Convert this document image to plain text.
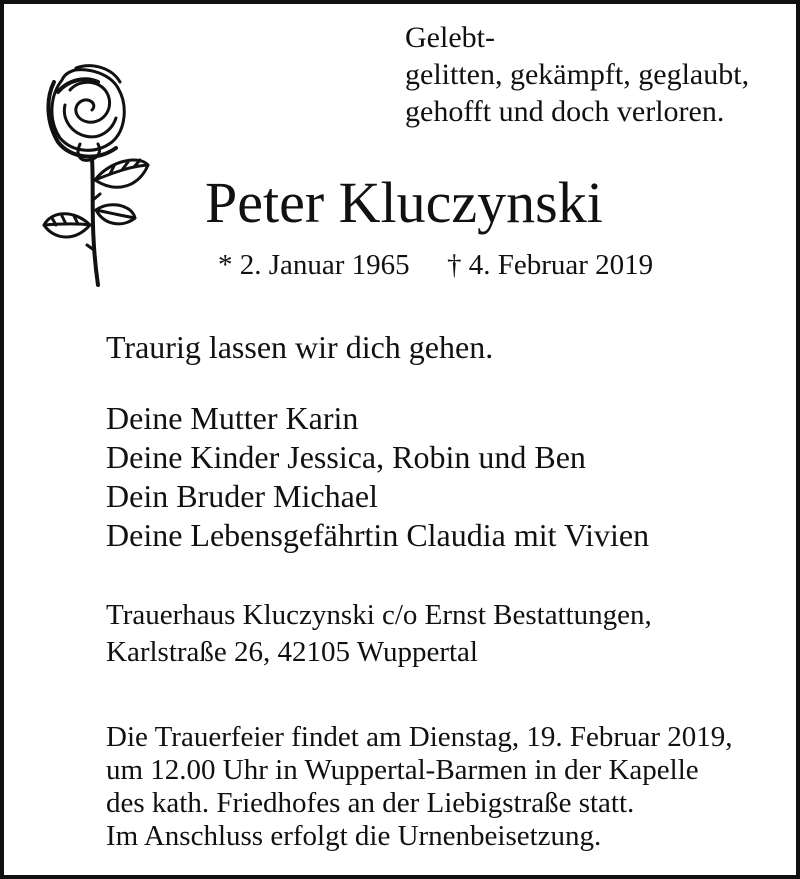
Gelebt-
gelitten, gekämpft, geglaubt,
gehofft und doch verloren.
Peter Kluczynski
* 2. Januar 1965 † 4. Februar 2019
Traurig lassen wir dich gehen.
Deine Mutter Karin
Deine Kinder Jessica, Robin und Ben
Dein Bruder Michael
Deine Lebensgefährtin Claudia mit Vivien
Trauerhaus Kluczynski c/o Ernst Bestattungen,
Karlstraße 26, 42105 Wuppertal
Die Trauerfeier findet am Dienstag, 19. Februar 2019,
um 12.00 Uhr in Wuppertal-Barmen in der Kapelle
des kath. Friedhofes an der Liebigstraße statt.
Im Anschluss erfolgt die Urnenbeisetzung.
